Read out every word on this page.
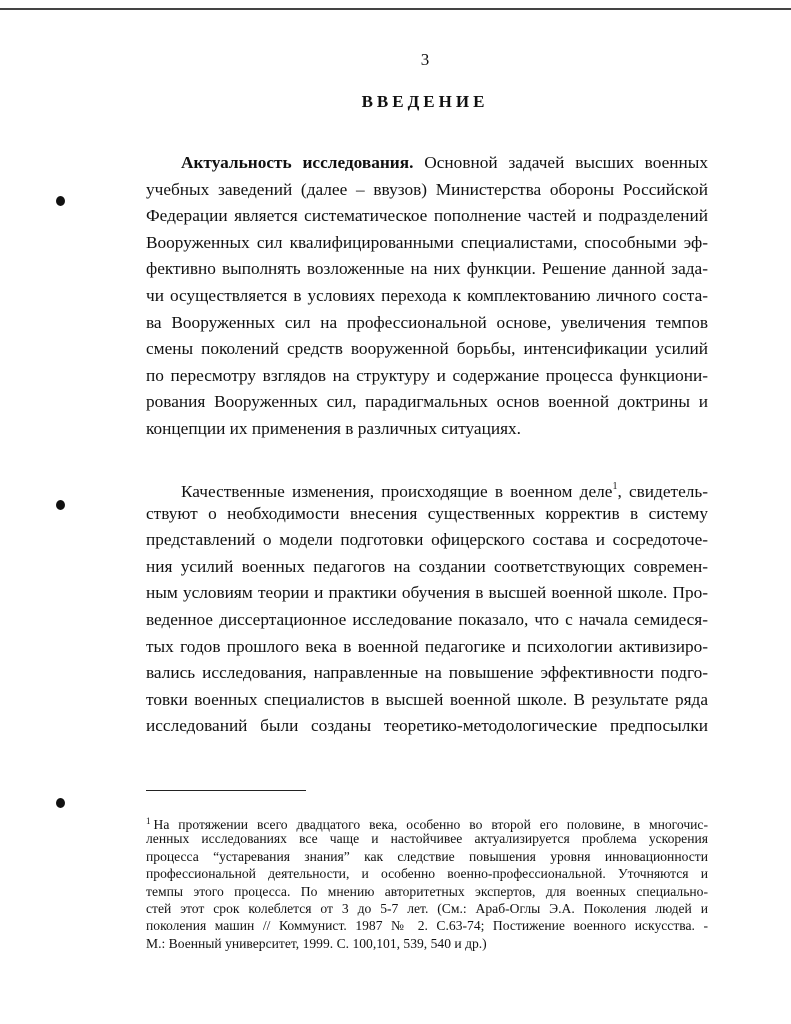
3
ВВЕДЕНИЕ
Актуальность исследования. Основной задачей высших военных
учебных заведений (далее – ввузов) Министерства обороны Российской
Федерации является систематическое пополнение частей и подразделений
Вооруженных сил квалифицированными специалистами, способными эф-
фективно выполнять возложенные на них функции. Решение данной зада-
чи осуществляется в условиях перехода к комплектованию личного соста-
ва Вооруженных сил на профессиональной основе, увеличения темпов
смены поколений средств вооруженной борьбы, интенсификации усилий
по пересмотру взглядов на структуру и содержание процесса функциони-
рования Вооруженных сил, парадигмальных основ военной доктрины и
концепции их применения в различных ситуациях.
Качественные изменения, происходящие в военном деле$^1$, свидетель-
ствуют о необходимости внесения существенных корректив в систему
представлений о модели подготовки офицерского состава и сосредоточе-
ния усилий военных педагогов на создании соответствующих современ-
ным условиям теории и практики обучения в высшей военной школе. Про-
веденное диссертационное исследование показало, что с начала семидеся-
тых годов прошлого века в военной педагогике и психологии активизиро-
вались исследования, направленные на повышение эффективности подго-
товки военных специалистов в высшей военной школе. В результате ряда
исследований были созданы теоретико-методологические предпосылки
$^1$ На протяжении всего двадцатого века, особенно во второй его половине, в многочис-
ленных исследованиях все чаще и настойчивее актуализируется проблема ускорения
процесса “устаревания знания” как следствие повышения уровня инновационности
профессиональной деятельности, и особенно военно-профессиональной. Уточняются и
темпы этого процесса. По мнению авторитетных экспертов, для военных специально-
стей этот срок колеблется от 3 до 5-7 лет. (См.: Араб-Оглы Э.А. Поколения людей и
поколения машин // Коммунист. 1987 № 2. С.63-74; Постижение военного искусства. -
М.: Военный университет, 1999. С. 100,101, 539, 540 и др.)
